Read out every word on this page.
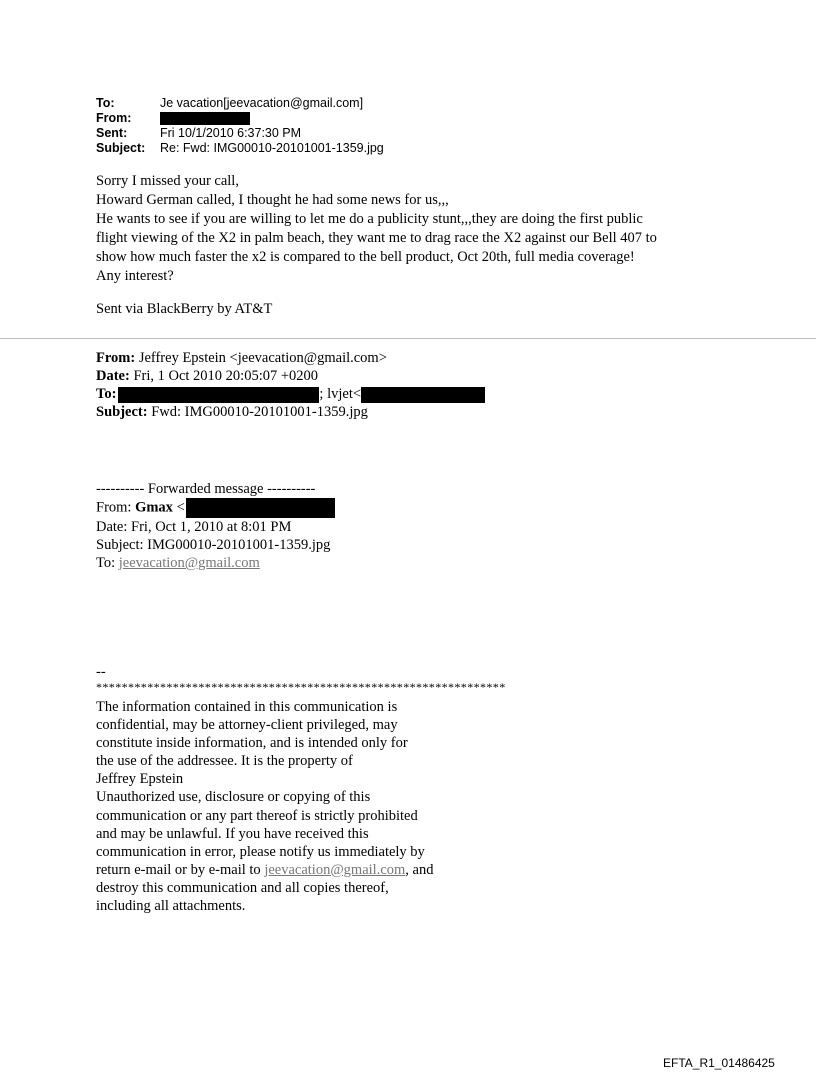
To:	Je vacation[jeevacation@gmail.com]
From:
Sent:	Fri 10/1/2010 6:37:30 PM
Subject:	Re: Fwd: IMG00010-20101001-1359.jpg

Sorry I missed your call,

Howard German called, I thought he had some news for us,,,

He wants to see if you are willing to let me do a publicity stunt,,,they are doing the first public

flight viewing of the X2 in palm beach, they want me to drag race the X2 against our Bell 407 to

show how much faster the x2 is compared to the bell product, Oct 20th, full media coverage!

Any interest?

Sent via BlackBerry by AT&T
From: Jeffrey Epstein <jeevacation@gmail.com>
Date: Fri, 1 Oct 2010 20:05:07 +0200
To:	; lvjet<
Subject: Fwd: IMG00010-20101001-1359.jpg
---------- Forwarded message ----------
From: Gmax <
Date: Fri, Oct 1, 2010 at 8:01 PM
Subject: IMG00010-20101001-1359.jpg
To: jeevacation@gmail.com
--
****************************************************************
The information contained in this communication is
confidential, may be attorney-client privileged, may
constitute inside information, and is intended only for
the use of the addressee. It is the property of
Jeffrey Epstein
Unauthorized use, disclosure or copying of this
communication or any part thereof is strictly prohibited
and may be unlawful. If you have received this
communication in error, please notify us immediately by
return e-mail or by e-mail to jeevacation@gmail.com, and
destroy this communication and all copies thereof,
including all attachments.
EFTA_R1_01486425
